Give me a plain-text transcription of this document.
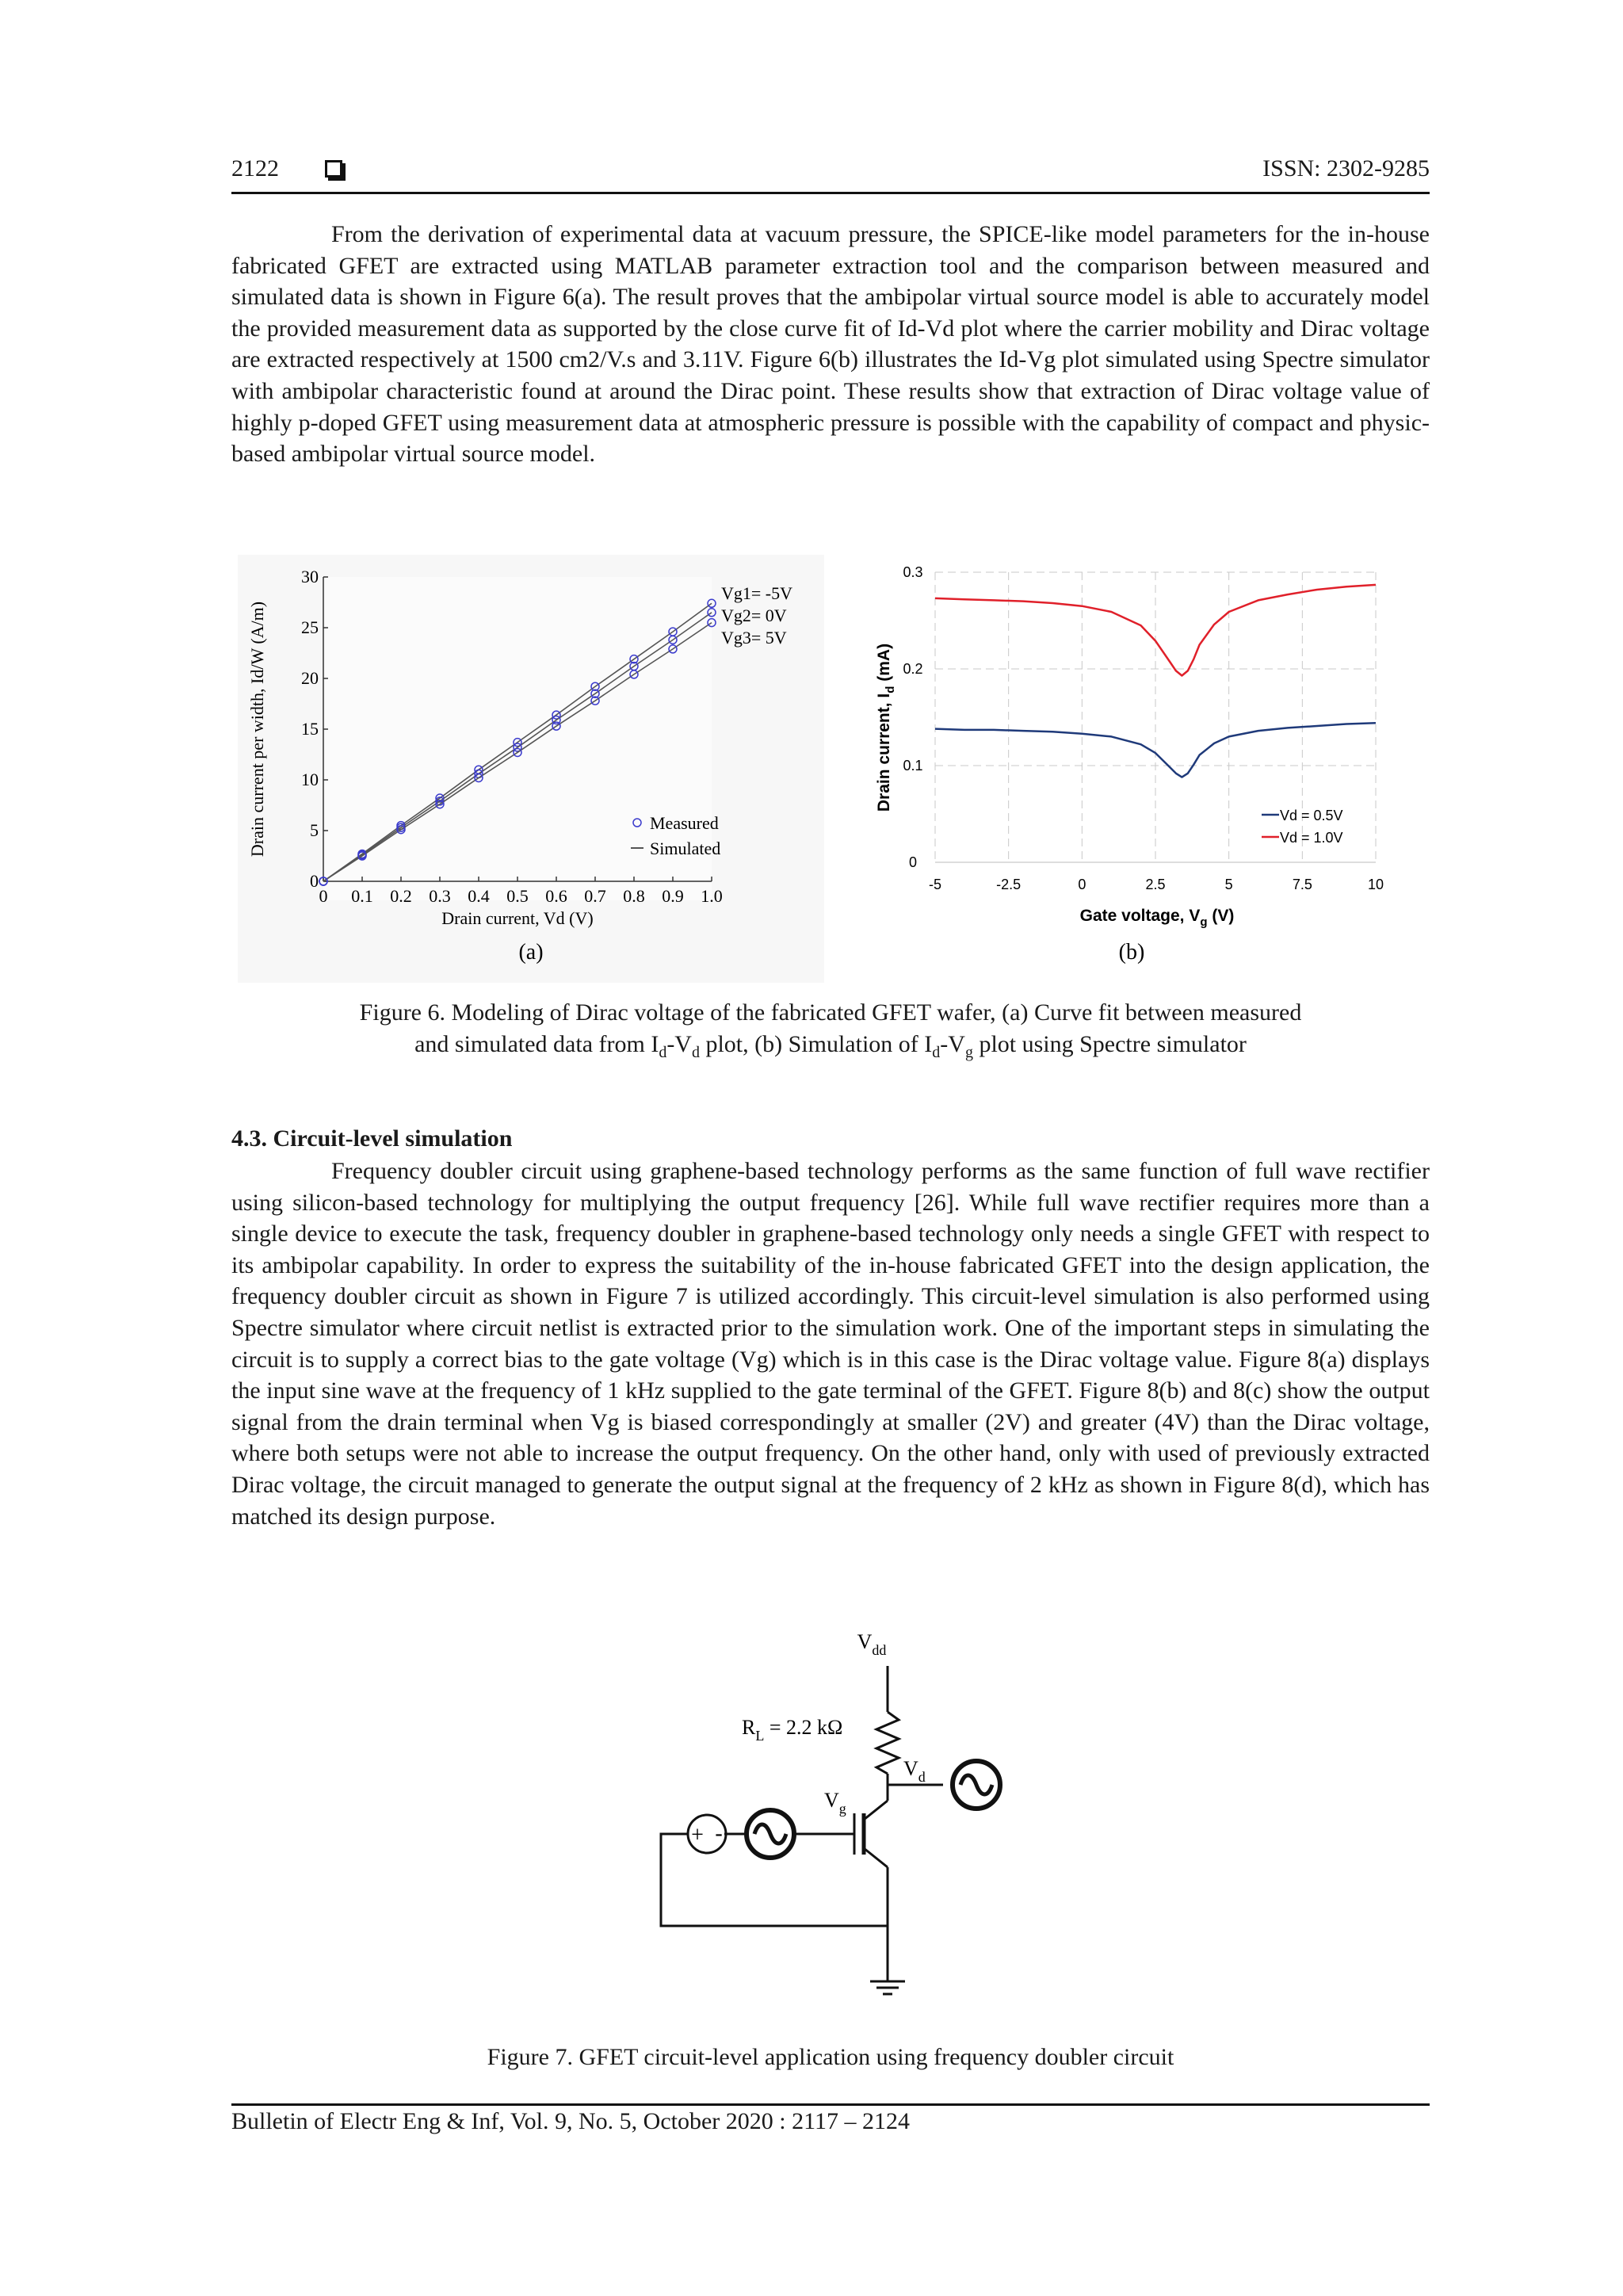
2122	ISSN: 2302-9285

From the derivation of experimental data at vacuum pressure, the SPICE-like model parameters for the in-house fabricated GFET are extracted using MATLAB parameter extraction tool and the comparison between measured and simulated data is shown in Figure 6(a). The result proves that the ambipolar virtual source model is able to accurately model the provided measurement data as supported by the close curve fit of Id-Vd plot where the carrier mobility and Dirac voltage are extracted respectively at 1500 cm2/V.s and 3.11V. Figure 6(b) illustrates the Id-Vg plot simulated using Spectre simulator with ambipolar characteristic found at around the Dirac point. These results show that extraction of Dirac voltage value of highly p-doped GFET using measurement data at atmospheric pressure is possible with the capability of compact and physic-based ambipolar virtual source model.

0 0.1 0.2 0.3 0.4 0.5 0.6 0.7 0.8 0.9 1.0
0
5
10
15
20
25
30
Drain current per width, Id/W (A/m)
Drain current, Vd (V)
Vg1= -5V
Vg2= 0V
Vg3= 5V
Measured
Simulated
(a)
-5	-2.5	0	2.5	5	7.5	10
0
0.1
0.2
0.3
Drain current, $I_d$ (mA)
Gate voltage, $V_g$ (V)
Vd = 0.5V
Vd = 1.0V
(b)
Figure 6. Modeling of Dirac voltage of the fabricated GFET wafer, (a) Curve fit between measured
and simulated data from $I_d-V_d$ plot, (b) Simulation of $I_d-V_g$ plot using Spectre simulator
4.3. Circuit-level simulation

Frequency doubler circuit using graphene-based technology performs as the same function of full wave rectifier using silicon-based technology for multiplying the output frequency [26]. While full wave rectifier requires more than a single device to execute the task, frequency doubler in graphene-based technology only needs a single GFET with respect to its ambipolar capability. In order to express the suitability of the in-house fabricated GFET into the design application, the frequency doubler circuit as shown in Figure 7 is utilized accordingly. This circuit-level simulation is also performed using Spectre simulator where circuit netlist is extracted prior to the simulation work. One of the important steps in simulating the circuit is to supply a correct bias to the gate voltage (Vg) which is in this case is the Dirac voltage value. Figure 8(a) displays the input sine wave at the frequency of 1 kHz supplied to the gate terminal of the GFET. Figure 8(b) and 8(c) show the output signal from the drain terminal when Vg is biased correspondingly at smaller (2V) and greater (4V) than the Dirac voltage, where both setups were not able to increase the output frequency. On the other hand, only with used of previously extracted Dirac voltage, the circuit managed to generate the output signal at the frequency of 2 kHz as shown in Figure 8(d), which has matched its design purpose.

$V_{dd}$
$R_L = 2.2$ kΩ
$V_d$
$V_g$
+ -
Figure 7. GFET circuit-level application using frequency doubler circuit
Bulletin of Electr Eng & Inf, Vol. 9, No. 5, October 2020 : 2117 – 2124
